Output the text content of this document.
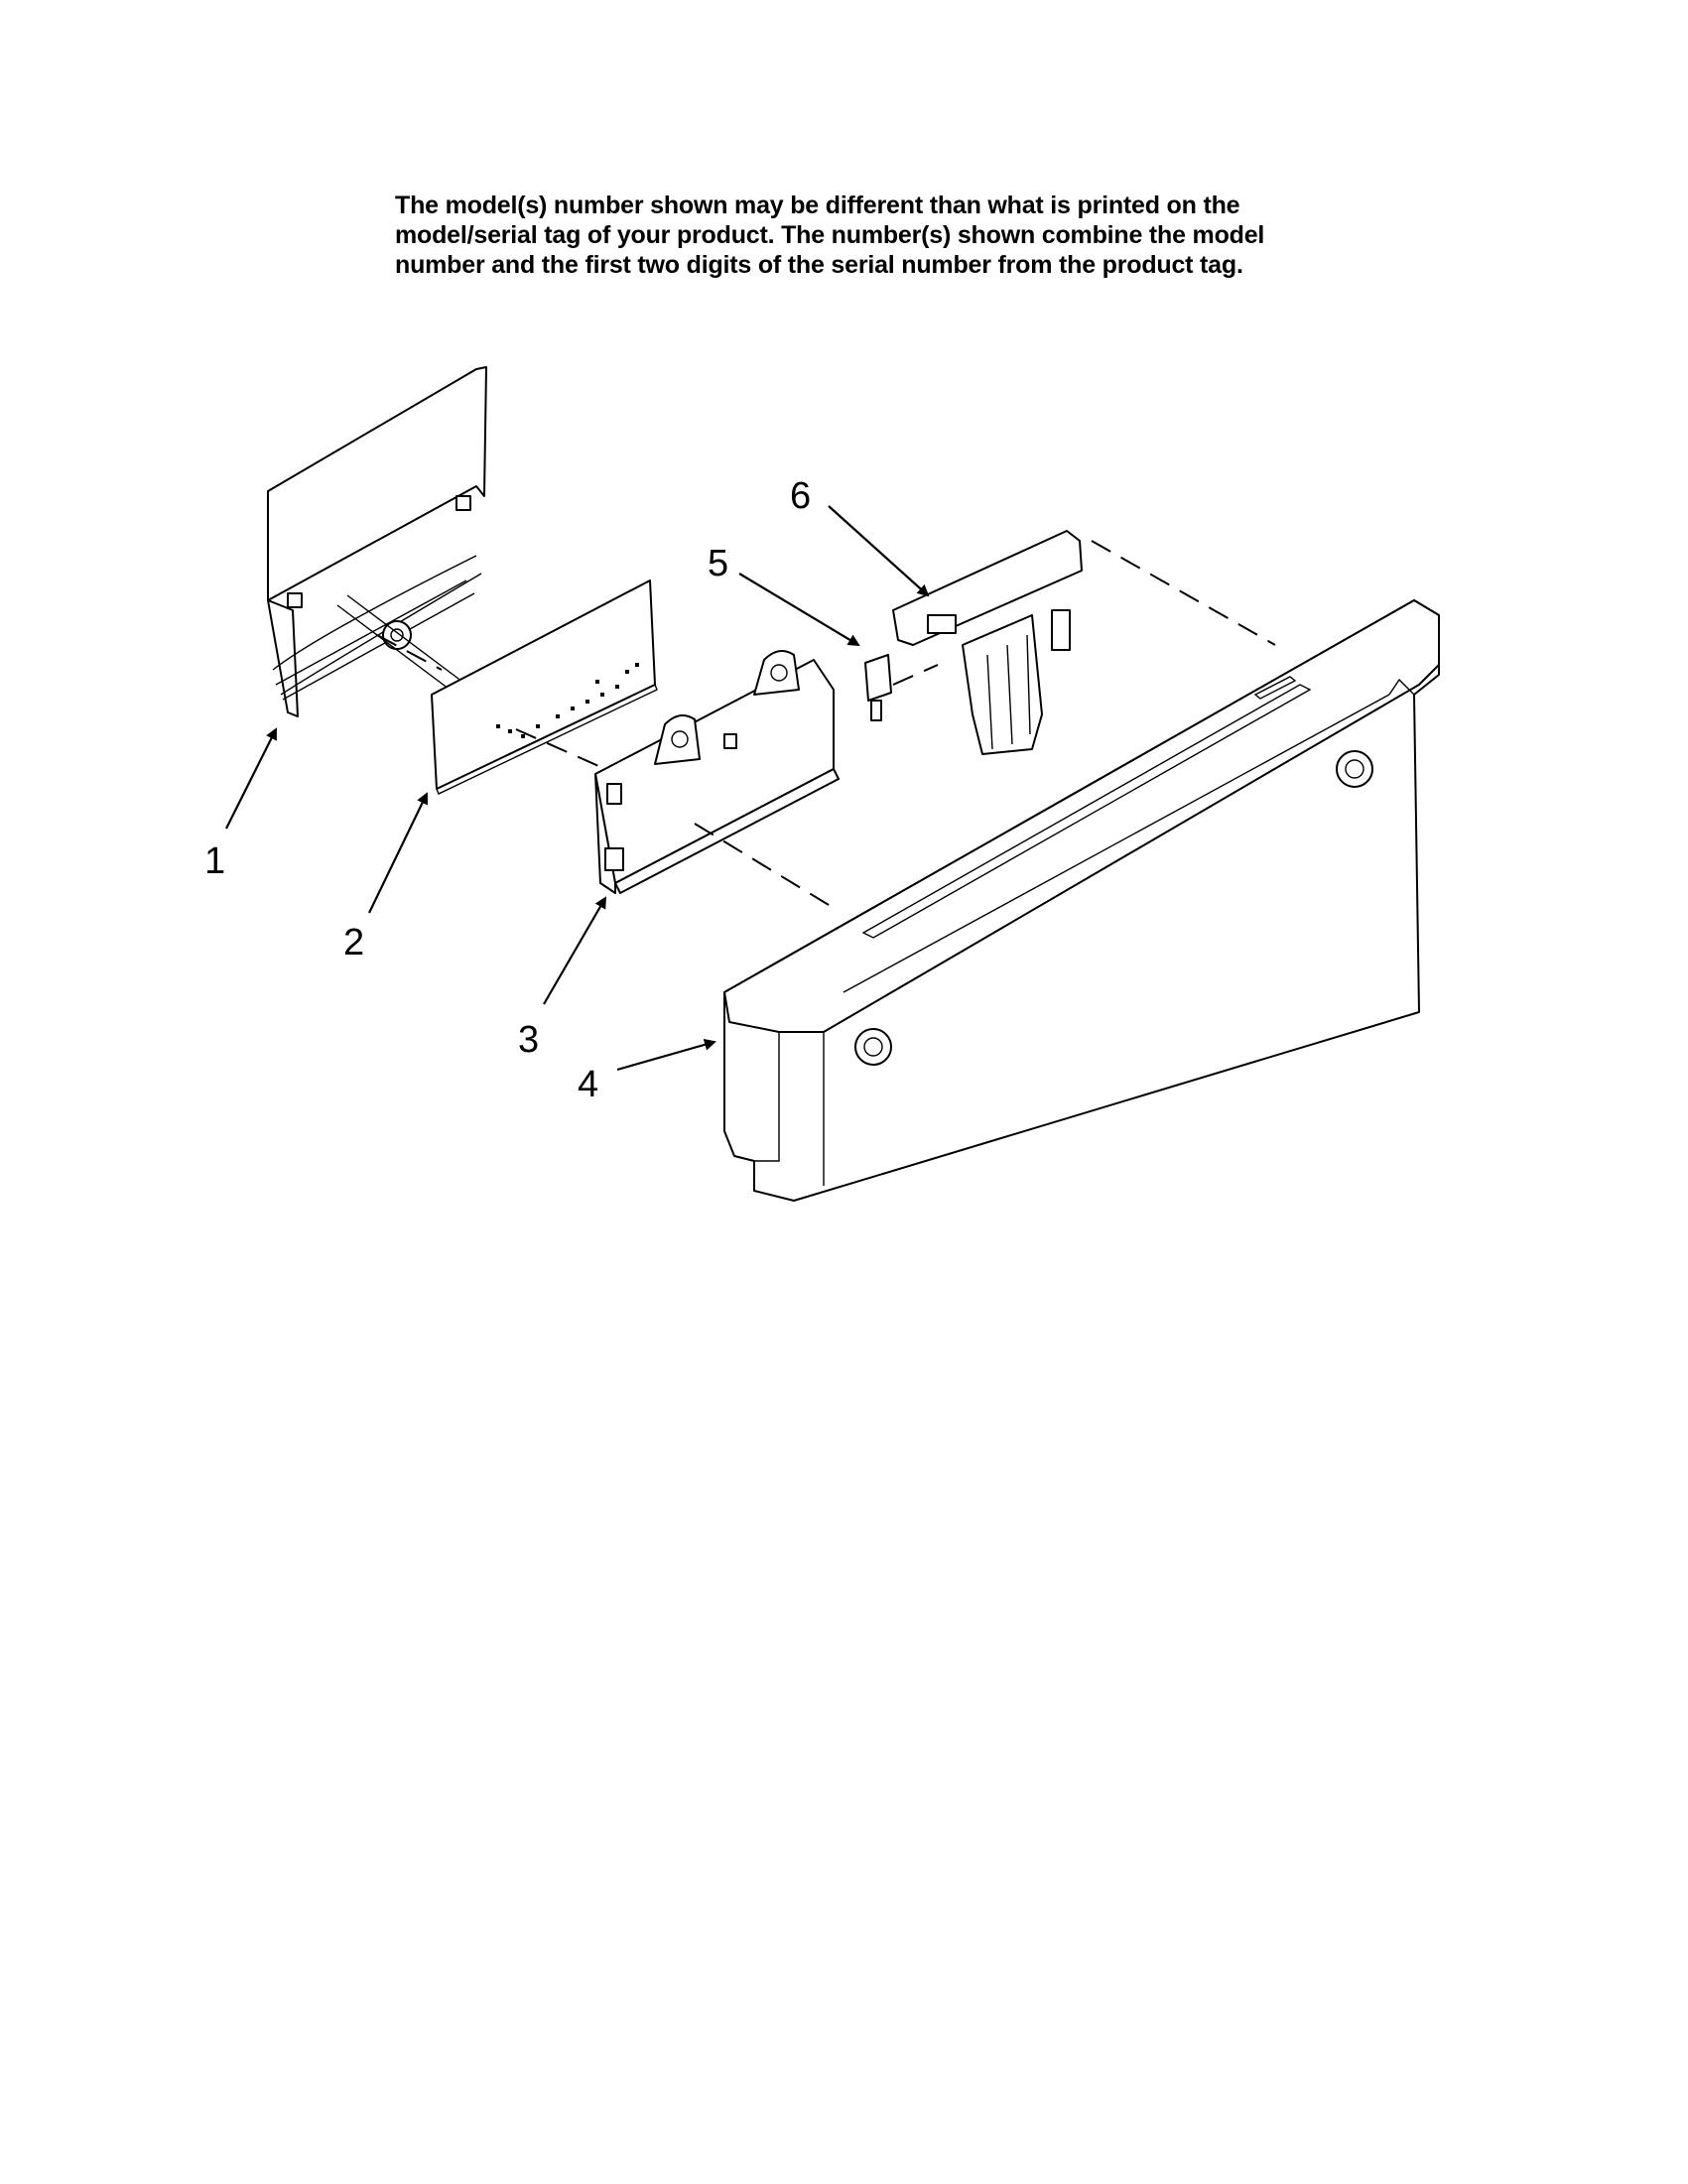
The model(s) number shown may be different than what is printed on the
model/serial tag of your product. The number(s) shown combine the model
number and the first two digits of the serial number from the product tag.
1
2
3
4
5
6
